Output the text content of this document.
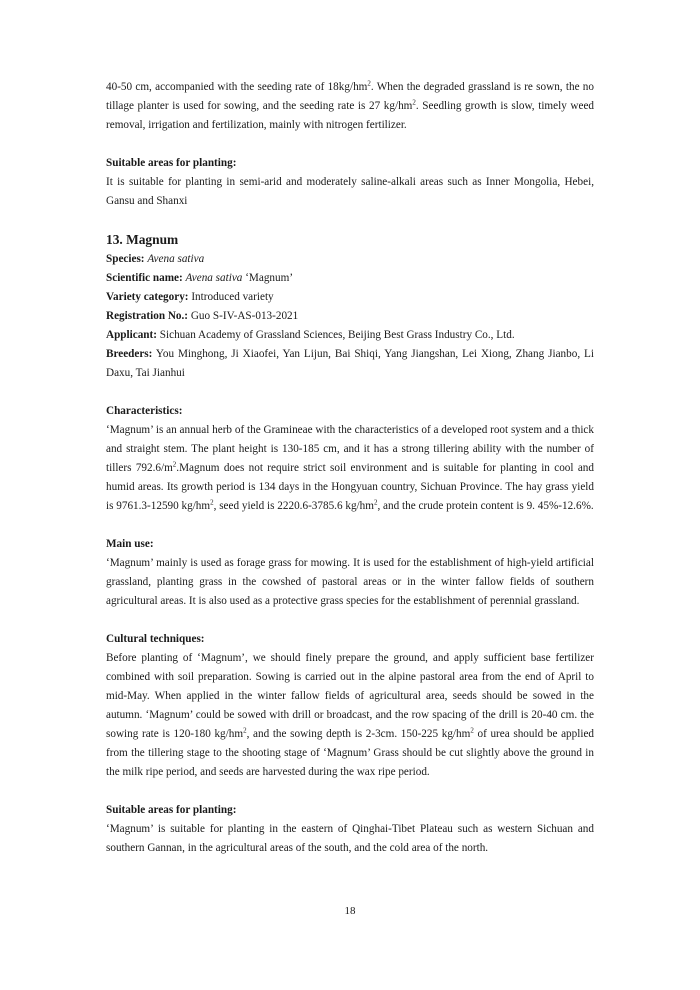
40-50 cm, accompanied with the seeding rate of $18kg/hm^2$. When the degraded grassland is re sown, the no tillage planter is used for sowing, and the seeding rate is 27 $kg/hm^2$. Seedling growth is slow, timely weed removal, irrigation and fertilization, mainly with nitrogen fertilizer.

Suitable areas for planting:

It is suitable for planting in semi-arid and moderately saline-alkali areas such as Inner Mongolia, Hebei, Gansu and Shanxi

13. Magnum

Species: Avena sativa

Scientific name: Avena sativa ‘Magnum’

Variety category: Introduced variety

Registration No.: Guo S-IV-AS-013-2021

Applicant: Sichuan Academy of Grassland Sciences, Beijing Best Grass Industry Co., Ltd.

Breeders: You Minghong, Ji Xiaofei, Yan Lijun, Bai Shiqi, Yang Jiangshan, Lei Xiong, Zhang Jianbo, Li Daxu, Tai Jianhui

Characteristics:

‘Magnum’ is an annual herb of the Gramineae with the characteristics of a developed root system and a thick and straight stem. The plant height is 130-185 cm, and it has a strong tillering ability with the number of tillers $792.6/m^2.Magnum$ does not require strict soil environment and is suitable for planting in cool and humid areas. Its growth period is 134 days in the Hongyuan country, Sichuan Province. The hay grass yield is 9761.3-12590 $kg/hm^2$, seed yield is 2220.6-3785.6 $kg/hm^2$, and the crude protein content is 9. 45%-12.6%.

Main use:

‘Magnum’ mainly is used as forage grass for mowing. It is used for the establishment of high-yield artificial grassland, planting grass in the cowshed of pastoral areas or in the winter fallow fields of southern agricultural areas. It is also used as a protective grass species for the establishment of perennial grassland.

Cultural techniques:

Before planting of ‘Magnum’, we should finely prepare the ground, and apply sufficient base fertilizer combined with soil preparation. Sowing is carried out in the alpine pastoral area from the end of April to mid-May. When applied in the winter fallow fields of agricultural area, seeds should be sowed in the autumn. ‘Magnum’ could be sowed with drill or broadcast, and the row spacing of the drill is 20-40 cm. the sowing rate is 120-180 $kg/hm^2$, and the sowing depth is 2-3cm. 150-225 $kg/hm^2$ of urea should be applied from the tillering stage to the shooting stage of ‘Magnum’ Grass should be cut slightly above the ground in the milk ripe period, and seeds are harvested during the wax ripe period.

Suitable areas for planting:

‘Magnum’ is suitable for planting in the eastern of Qinghai-Tibet Plateau such as western Sichuan and southern Gannan, in the agricultural areas of the south, and the cold area of the north.

18
